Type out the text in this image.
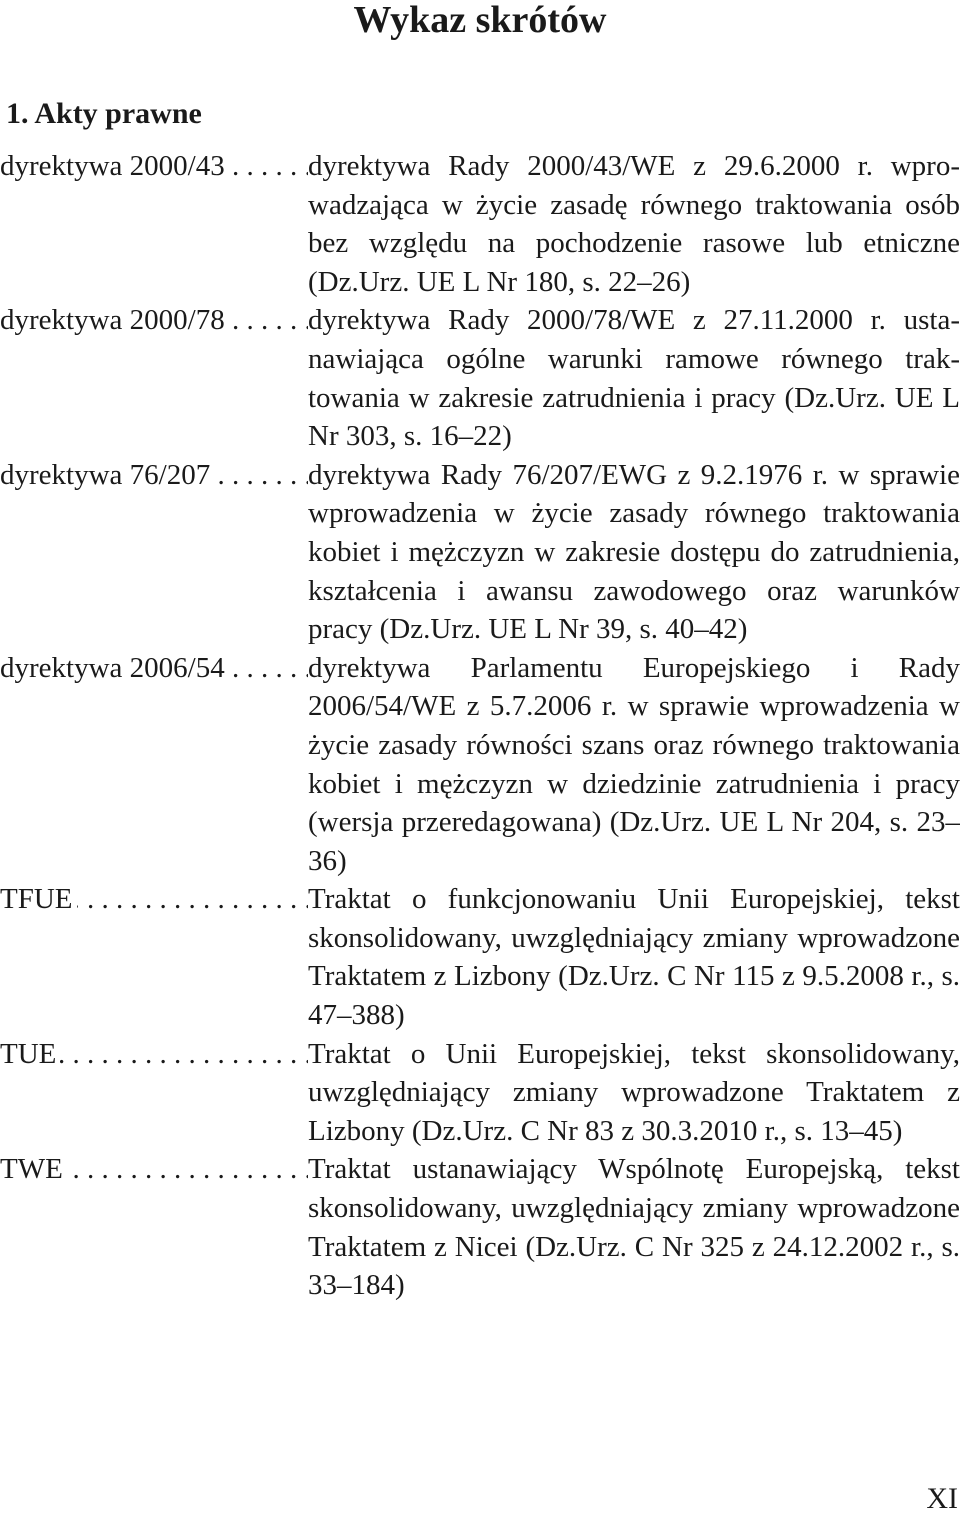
Wykaz skrótów
1. Akty prawne
dyrektywa 2000/43 . . .	dyrektywa Rady 2000/43/WE z 29.6.2000 r. wprowadzająca w życie zasadę równego traktowania osób bez względu na pochodzenie rasowe lub etniczne (Dz.Urz. UE L Nr 180, s. 22–26)
dyrektywa 2000/78 . . .	dyrektywa Rady 2000/78/WE z 27.11.2000 r. ustanawiająca ogólne warunki ramowe równego traktowania w zakresie zatrudnienia i pracy (Dz.Urz. UE L Nr 303, s. 16–22)
dyrektywa 76/207 . . .	dyrektywa Rady 76/207/EWG z 9.2.1976 r. w sprawie wprowadzenia w życie zasady równego traktowania kobiet i mężczyzn w zakresie dostępu do zatrudnienia, kształcenia i awansu zawodowego oraz warunków pracy (Dz.Urz. UE L Nr 39, s. 40–42)
dyrektywa 2006/54 . . .	dyrektywa Parlamentu Europejskiego i Rady 2006/54/WE z 5.7.2006 r. w sprawie wprowadzenia w życie zasady równości szans oraz równego traktowania kobiet i mężczyzn w dziedzinie zatrudnienia i pracy (wersja przeredagowana) (Dz.Urz. UE L Nr 204, s. 23–36)
TFUE . . .	Traktat o funkcjonowaniu Unii Europejskiej, tekst skonsolidowany, uwzględniający zmiany wprowadzone Traktatem z Lizbony (Dz.Urz. C Nr 115 z 9.5.2008 r., s. 47–388)
TUE . . .	Traktat o Unii Europejskiej, tekst skonsolidowany, uwzględniający zmiany wprowadzone Traktatem z Lizbony (Dz.Urz. C Nr 83 z 30.3.2010 r., s. 13–45)
TWE . . .	Traktat ustanawiający Wspólnotę Europejską, tekst skonsolidowany, uwzględniający zmiany wprowadzone Traktatem z Nicei (Dz.Urz. C Nr 325 z 24.12.2002 r., s. 33–184)
XI
